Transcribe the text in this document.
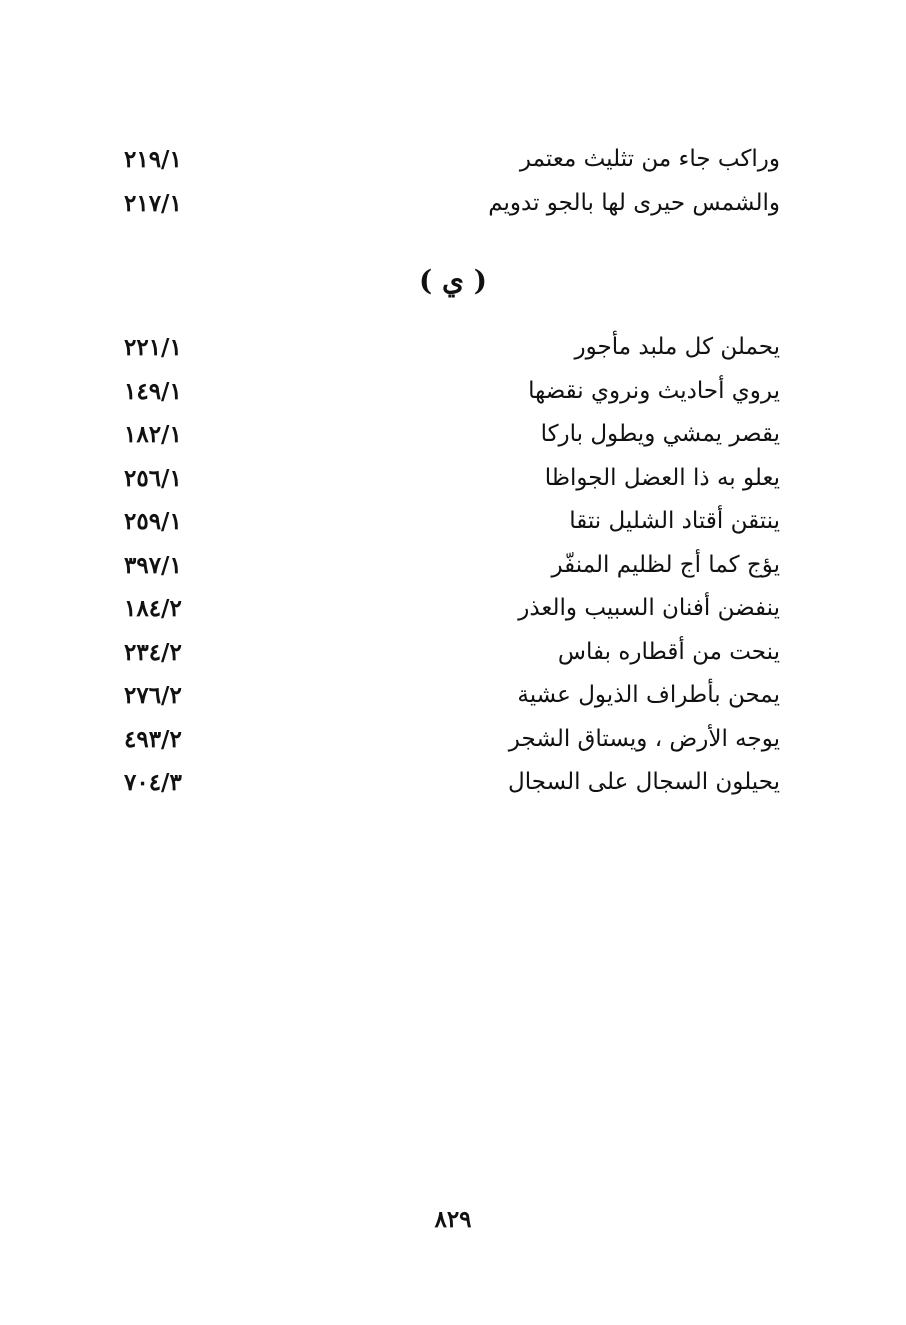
وراكب جاء من تثليث معتمر
٢١٩/١
والشمس حيرى لها بالجو تدويم
٢١٧/١
( ي )
يحملن كل ملبد مأجور
٢٢١/١
يروي أحاديث ونروي نقضها
١٤٩/١
يقصر يمشي ويطول باركا
١٨٢/١
يعلو به ذا العضل الجواظا
٢٥٦/١
ينتقن أقتاد الشليل نتقا
٢٥٩/١
يؤج كما أج لظليم المنفّر
٣٩٧/١
ينفضن أفنان السبيب والعذر
١٨٤/٢
ينحت من أقطاره بفاس
٢٣٤/٢
يمحن بأطراف الذيول عشية
٢٧٦/٢
يوجه الأرض ، ويستاق الشجر
٤٩٣/٢
يحيلون السجال على السجال
٧٠٤/٣
٨٢٩
